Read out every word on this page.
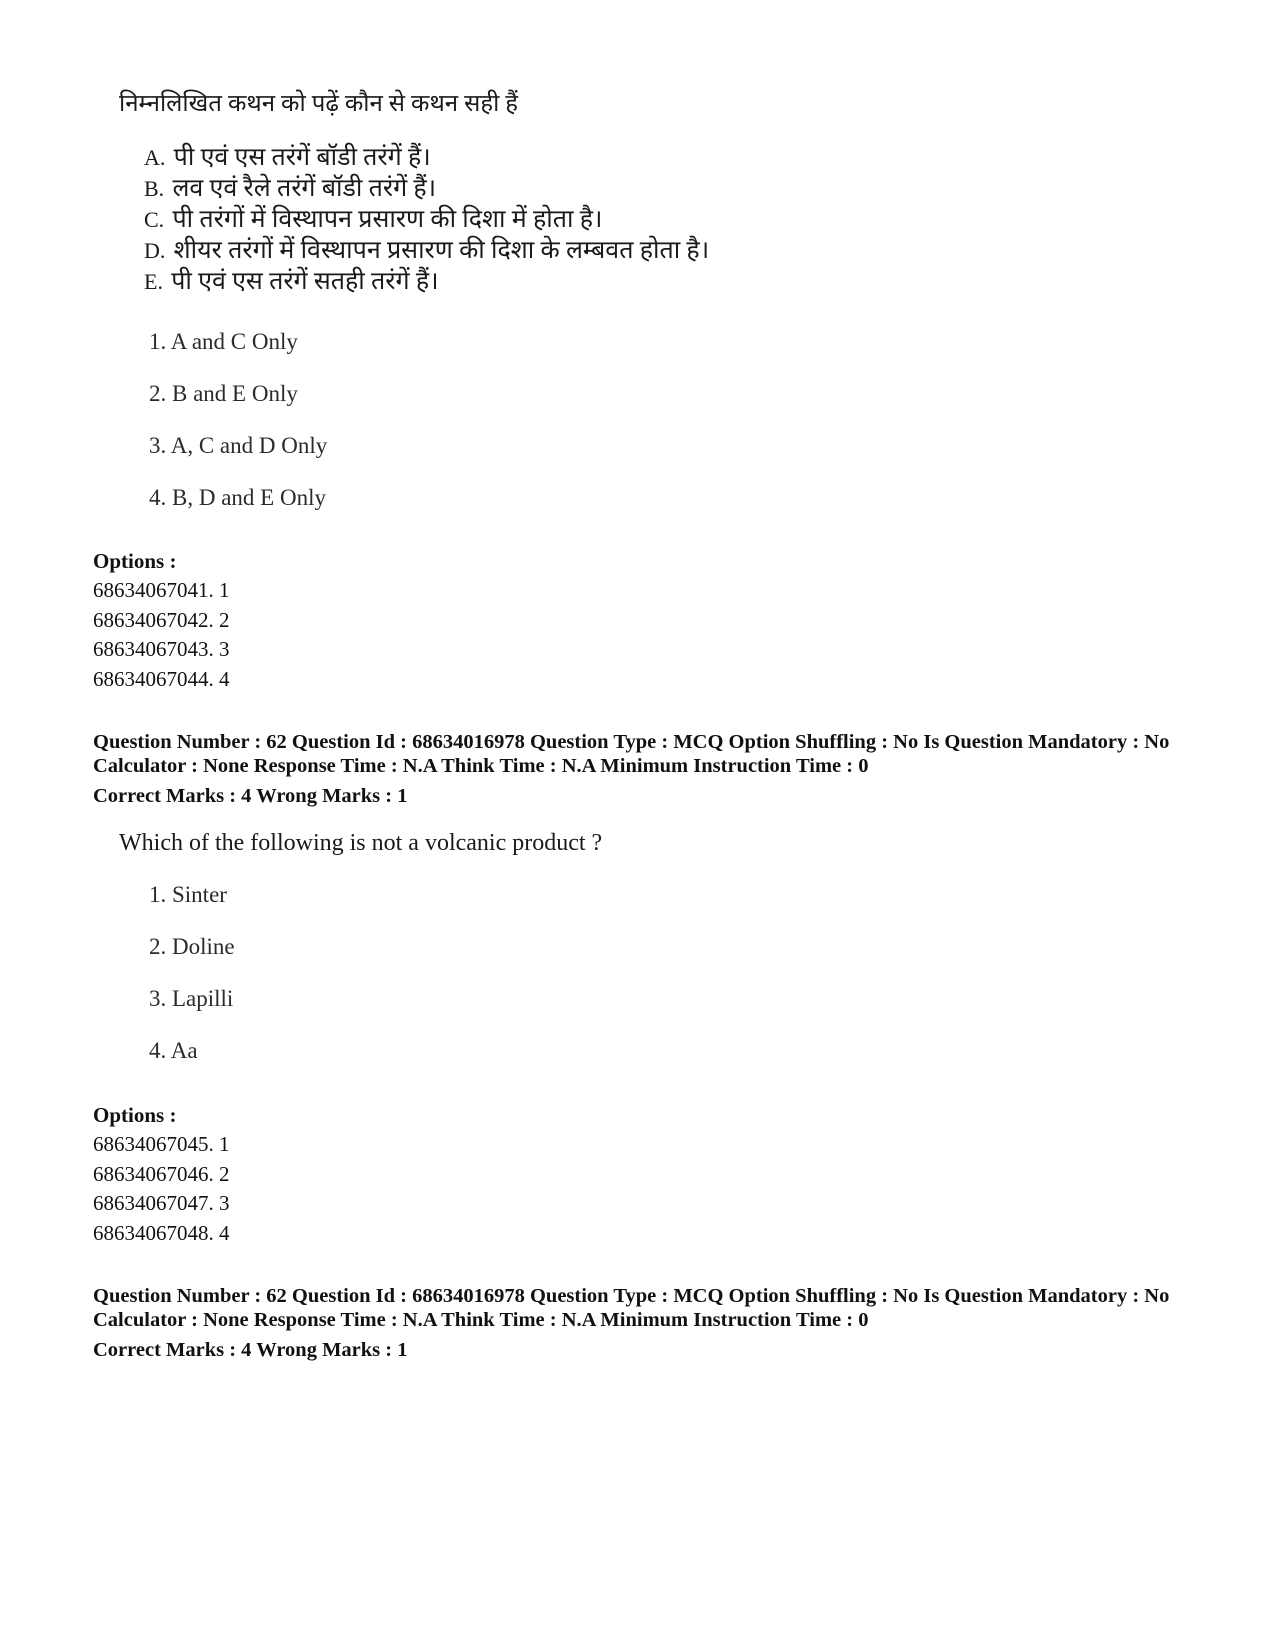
निम्नलिखित कथन को पढ़ें कौन से कथन सही हैं
A. पी एवं एस तरंगें बॉडी तरंगें हैं।
B. लव एवं रैले तरंगें बॉडी तरंगें हैं।
C. पी तरंगों में विस्थापन प्रसारण की दिशा में होता है।
D. शीयर तरंगों में विस्थापन प्रसारण की दिशा के लम्बवत होता है।
E. पी एवं एस तरंगें सतही तरंगें हैं।
1. A and C Only
2. B and E Only
3. A, C and D Only
4. B, D and E Only
Options :
68634067041. 1
68634067042. 2
68634067043. 3
68634067044. 4
Question Number : 62 Question Id : 68634016978 Question Type : MCQ Option Shuffling : No Is Question Mandatory : No Calculator : None Response Time : N.A Think Time : N.A Minimum Instruction Time : 0
Correct Marks : 4 Wrong Marks : 1
Which of the following is not a volcanic product ?
1. Sinter
2. Doline
3. Lapilli
4. Aa
Options :
68634067045. 1
68634067046. 2
68634067047. 3
68634067048. 4
Question Number : 62 Question Id : 68634016978 Question Type : MCQ Option Shuffling : No Is Question Mandatory : No Calculator : None Response Time : N.A Think Time : N.A Minimum Instruction Time : 0
Correct Marks : 4 Wrong Marks : 1
